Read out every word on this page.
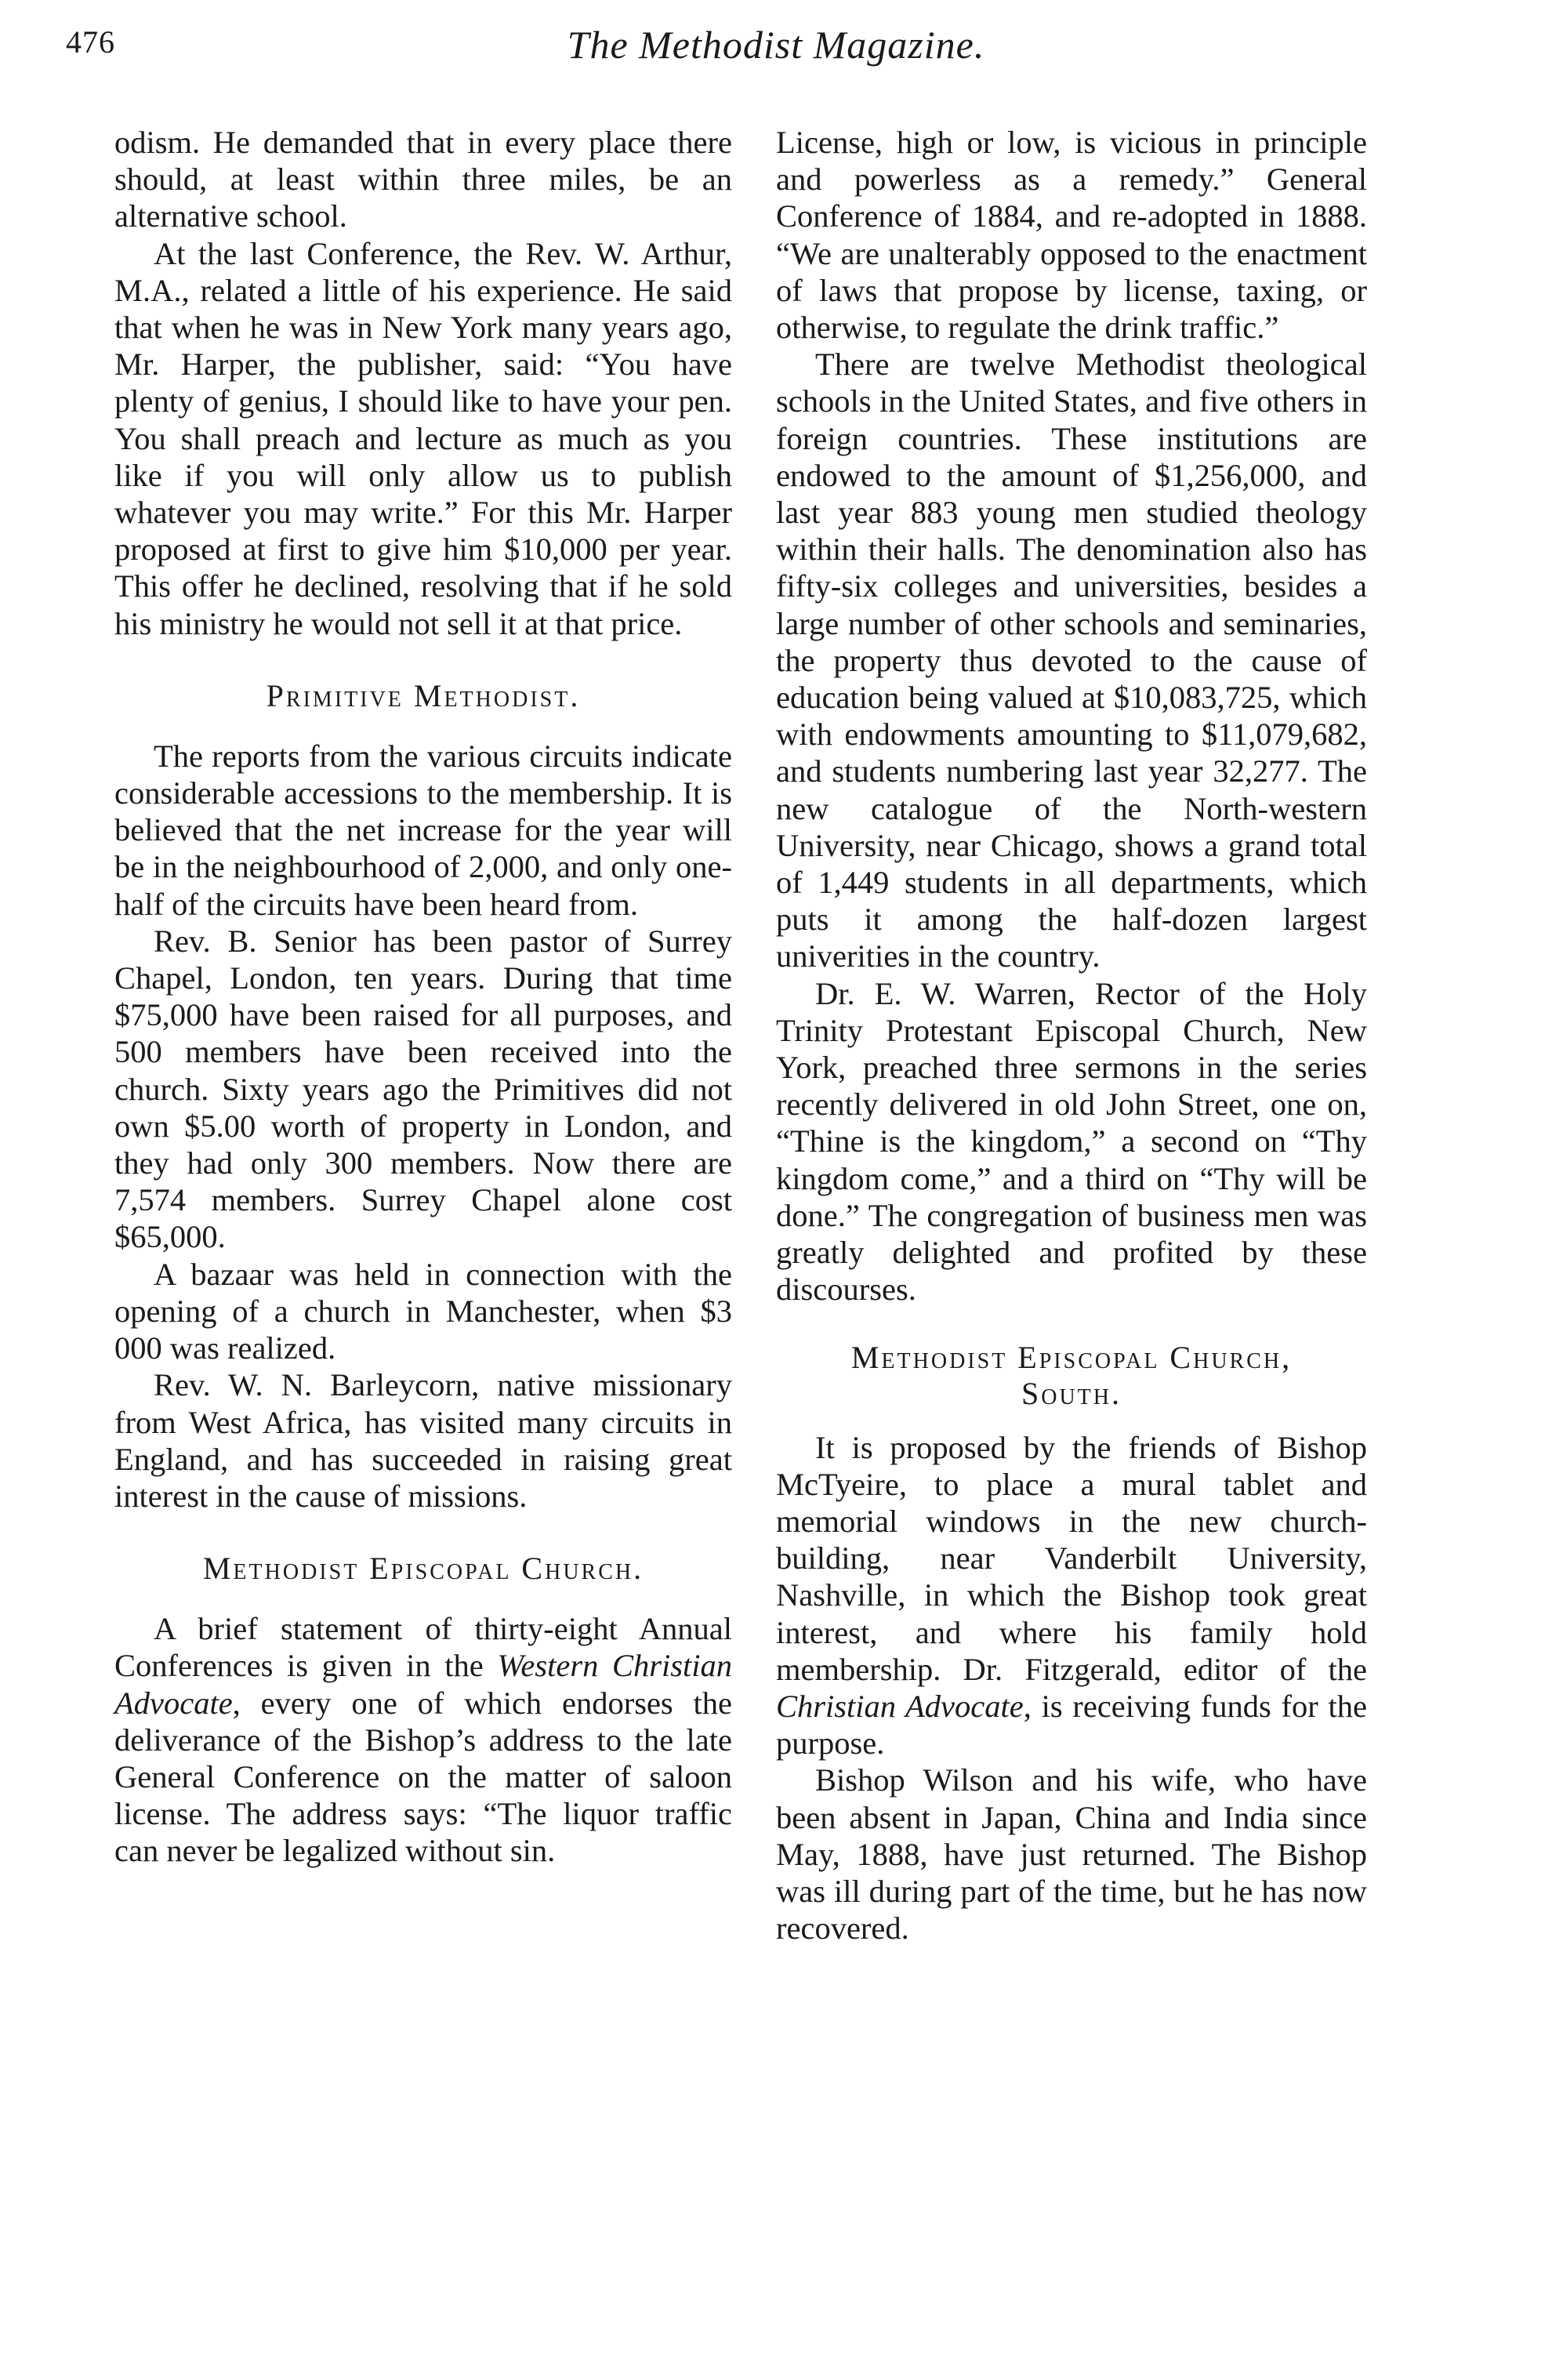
476	The Methodist Magazine.

odism. He demanded that in every place there should, at least within three miles, be an alternative school.

At the last Conference, the Rev. W. Arthur, M.A., related a little of his experience. He said that when he was in New York many years ago, Mr. Harper, the publisher, said: “You have plenty of genius, I should like to have your pen. You shall preach and lecture as much as you like if you will only allow us to publish whatever you may write.” For this Mr. Harper proposed at first to give him $10,000 per year. This offer he declined, resolving that if he sold his ministry he would not sell it at that price.

Primitive Methodist.

The reports from the various circuits indicate considerable accessions to the membership. It is believed that the net increase for the year will be in the neighbourhood of 2,000, and only one-half of the circuits have been heard from.

Rev. B. Senior has been pastor of Surrey Chapel, London, ten years. During that time $75,000 have been raised for all purposes, and 500 members have been received into the church. Sixty years ago the Primitives did not own $5.00 worth of property in London, and they had only 300 members. Now there are 7,574 members. Surrey Chapel alone cost $65,000.

A bazaar was held in connection with the opening of a church in Manchester, when $3 000 was realized.

Rev. W. N. Barleycorn, native missionary from West Africa, has visited many circuits in England, and has succeeded in raising great interest in the cause of missions.

Methodist Episcopal Church.

A brief statement of thirty-eight Annual Conferences is given in the Western Christian Advocate, every one of which endorses the deliverance of the Bishop’s address to the late General Conference on the matter of saloon license. The address says: “The liquor traffic can never be legalized without sin.

License, high or low, is vicious in principle and powerless as a remedy.” General Conference of 1884, and re-adopted in 1888. “We are unalterably opposed to the enactment of laws that propose by license, taxing, or otherwise, to regulate the drink traffic.”

There are twelve Methodist theological schools in the United States, and five others in foreign countries. These institutions are endowed to the amount of $1,256,000, and last year 883 young men studied theology within their halls. The denomination also has fifty-six colleges and universities, besides a large number of other schools and seminaries, the property thus devoted to the cause of education being valued at $10,083,725, which with endowments amounting to $11,079,682, and students numbering last year 32,277. The new catalogue of the North-western University, near Chicago, shows a grand total of 1,449 students in all departments, which puts it among the half-dozen largest univerities in the country.

Dr. E. W. Warren, Rector of the Holy Trinity Protestant Episcopal Church, New York, preached three sermons in the series recently delivered in old John Street, one on, “Thine is the kingdom,” a second on “Thy kingdom come,” and a third on “Thy will be done.” The congregation of business men was greatly delighted and profited by these discourses.

Methodist Episcopal Church,
South.

It is proposed by the friends of Bishop McTyeire, to place a mural tablet and memorial windows in the new church-building, near Vanderbilt University, Nashville, in which the Bishop took great interest, and where his family hold membership. Dr. Fitzgerald, editor of the Christian Advocate, is receiving funds for the purpose.

Bishop Wilson and his wife, who have been absent in Japan, China and India since May, 1888, have just returned. The Bishop was ill during part of the time, but he has now recovered.
